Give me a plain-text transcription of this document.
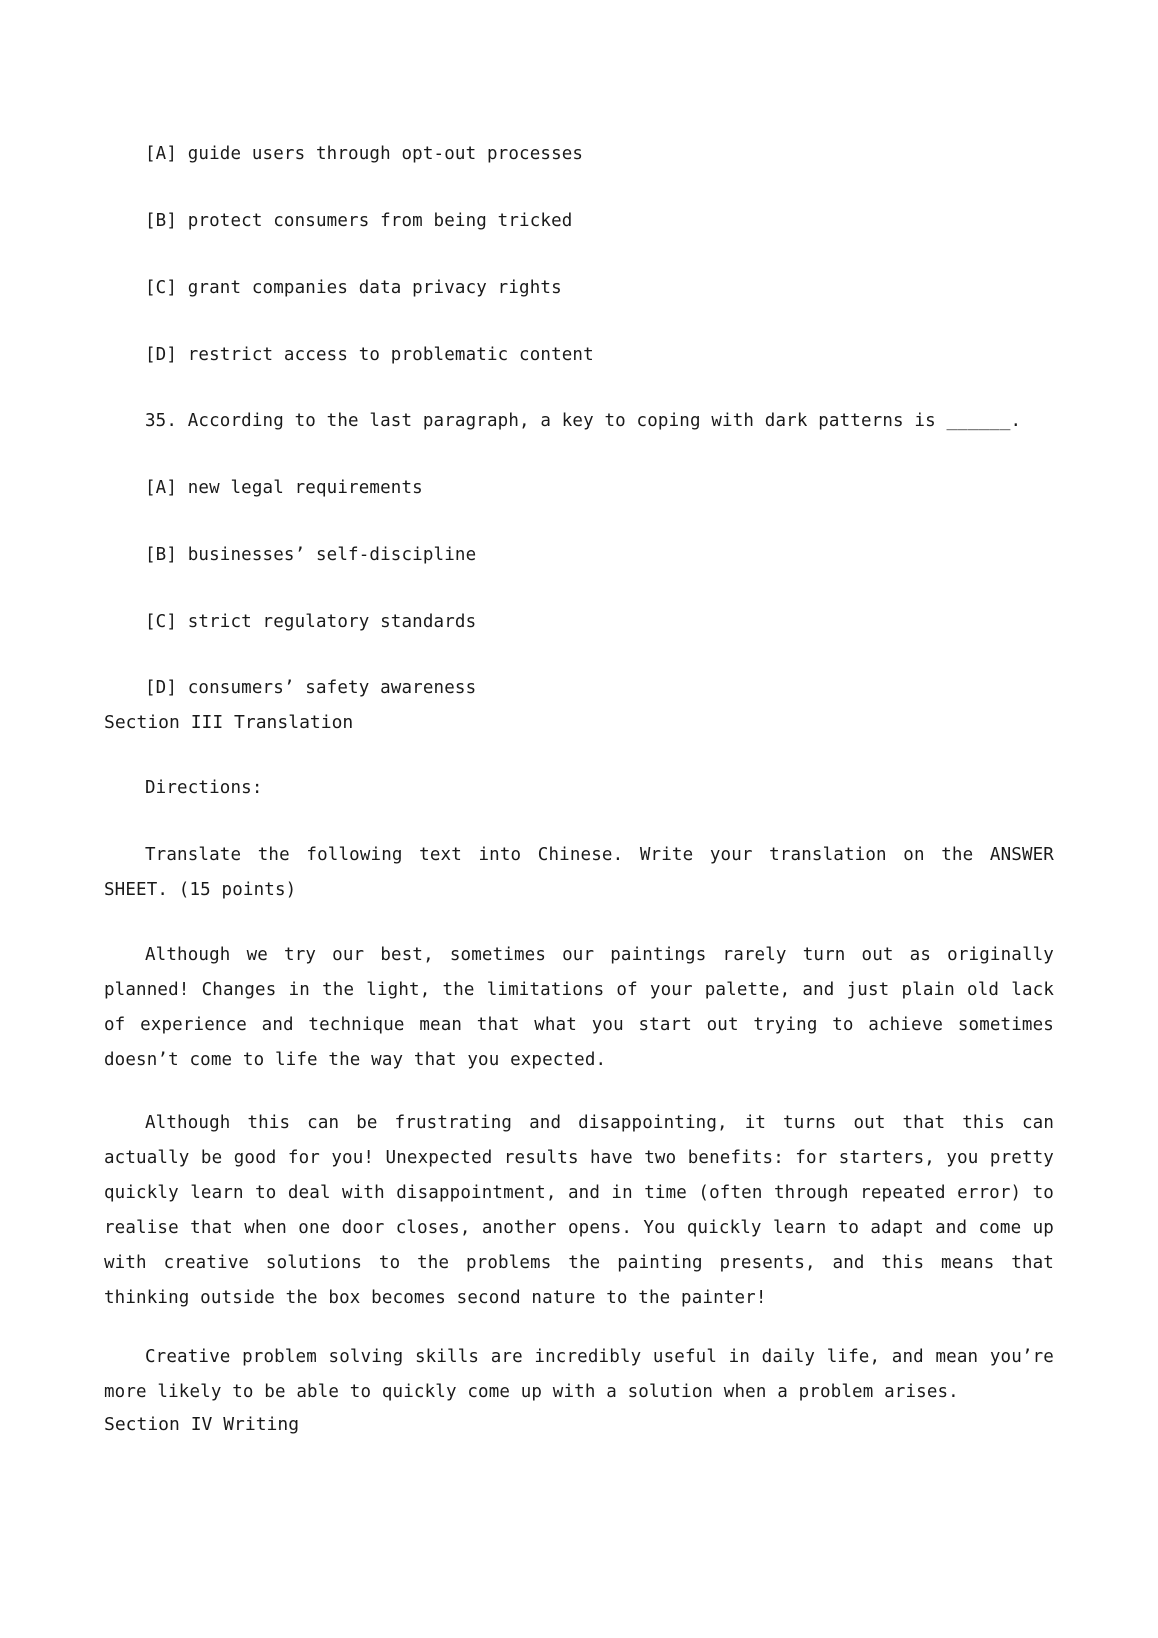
[A] guide users through opt-out processes
[B] protect consumers from being tricked
[C] grant companies data privacy rights
[D] restrict access to problematic content
35. According to the last paragraph, a key to coping with dark patterns is ______.
[A] new legal requirements
[B] businesses’ self-discipline
[C] strict regulatory standards
[D] consumers’ safety awareness
Section III Translation
Directions:
Translate the following text into Chinese. Write your translation on the ANSWER SHEET. (15 points)
Although we try our best, sometimes our paintings rarely turn out as originally planned! Changes in the light, the limitations of your palette, and just plain old lack of experience and technique mean that what you start out trying to achieve sometimes doesn’t come to life the way that you expected.
Although this can be frustrating and disappointing, it turns out that this can actually be good for you! Unexpected results have two benefits: for starters, you pretty quickly learn to deal with disappointment, and in time (often through repeated error) to realise that when one door closes, another opens. You quickly learn to adapt and come up with creative solutions to the problems the painting presents, and this means that thinking outside the box becomes second nature to the painter!
Creative problem solving skills are incredibly useful in daily life, and mean you’re more likely to be able to quickly come up with a solution when a problem arises.
Section IV Writing
